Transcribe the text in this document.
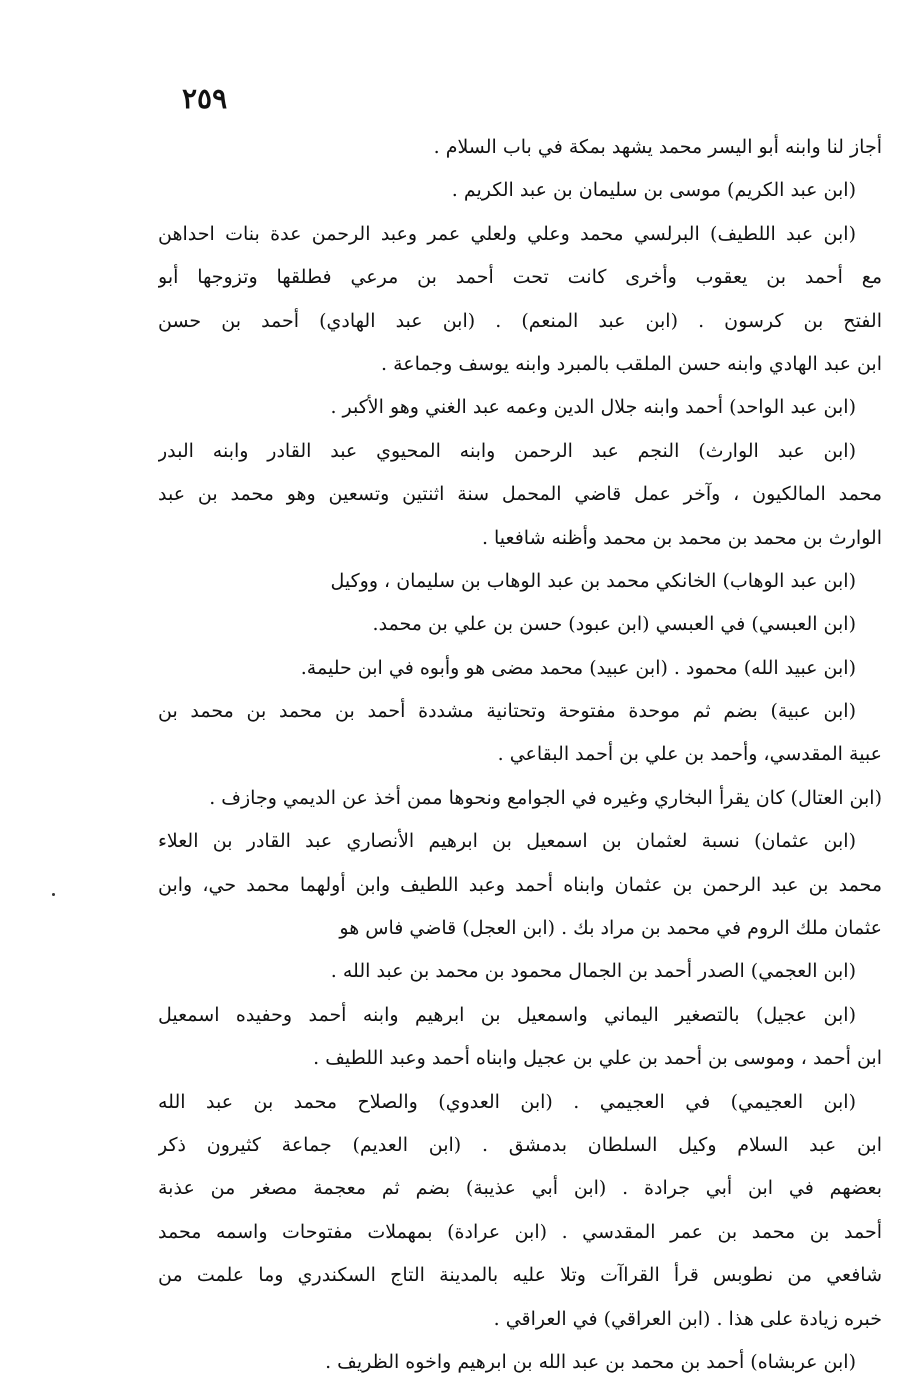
٢٥٩
أجاز لنا وابنه أبو اليسر محمد يشهد بمكة في باب السلام .
(ابن عبد الكريم) موسى بن سليمان بن عبد الكريم .
(ابن عبد اللطيف) البرلسي محمد وعلي ولعلي عمر وعبد الرحمن عدة بنات احداهن
مع أحمد بن يعقوب وأخرى كانت تحت أحمد بن مرعي فطلقها وتزوجها أبو
الفتح بن كرسون . (ابن عبد المنعم) . (ابن عبد الهادي) أحمد بن حسن
ابن عبد الهادي وابنه حسن الملقب بالمبرد وابنه يوسف وجماعة .
(ابن عبد الواحد) أحمد وابنه جلال الدين وعمه عبد الغني وهو الأكبر .
(ابن عبد الوارث) النجم عبد الرحمن وابنه المحيوي عبد القادر وابنه البدر
محمد المالكيون ، وآخر عمل قاضي المحمل سنة اثنتين وتسعين وهو محمد بن عبد
الوارث بن محمد بن محمد بن محمد وأظنه شافعيا .
(ابن عبد الوهاب) الخانكي محمد بن عبد الوهاب بن سليمان ، ووكيل
(ابن العبسي) في العبسي (ابن عبود) حسن بن علي بن محمد.
(ابن عبيد الله) محمود . (ابن عبيد) محمد مضى هو وأبوه في ابن حليمة.
(ابن عبية) بضم ثم موحدة مفتوحة وتحتانية مشددة أحمد بن محمد بن محمد بن
عبية المقدسي، وأحمد بن علي بن أحمد البقاعي .
(ابن العتال) كان يقرأ البخاري وغيره في الجوامع ونحوها ممن أخذ عن الديمي وجازف .
(ابن عثمان) نسبة لعثمان بن اسمعيل بن ابرهيم الأنصاري عبد القادر بن العلاء
محمد بن عبد الرحمن بن عثمان وابناه أحمد وعبد اللطيف وابن أولهما محمد حي، وابن
عثمان ملك الروم في محمد بن مراد بك . (ابن العجل) قاضي فاس هو
(ابن العجمي) الصدر أحمد بن الجمال محمود بن محمد بن عبد الله .
(ابن عجيل) بالتصغير اليماني واسمعيل بن ابرهيم وابنه أحمد وحفيده اسمعيل
ابن أحمد ، وموسى بن أحمد بن علي بن عجيل وابناه أحمد وعبد اللطيف .
(ابن العجيمي) في العجيمي . (ابن العدوي) والصلاح محمد بن عبد الله
ابن عبد السلام وكيل السلطان بدمشق . (ابن العديم) جماعة كثيرون ذكر
بعضهم في ابن أبي جرادة . (ابن أبي عذيبة) بضم ثم معجمة مصغر من عذبة
أحمد بن محمد بن عمر المقدسي . (ابن عرادة) بمهملات مفتوحات واسمه محمد
شافعي من نطوبس قرأ القراآت وتلا عليه بالمدينة التاج السكندري وما علمت من
خبره زيادة على هذا . (ابن العراقي) في العراقي .
(ابن عربشاه) أحمد بن محمد بن عبد الله بن ابرهيم واخوه الظريف .
